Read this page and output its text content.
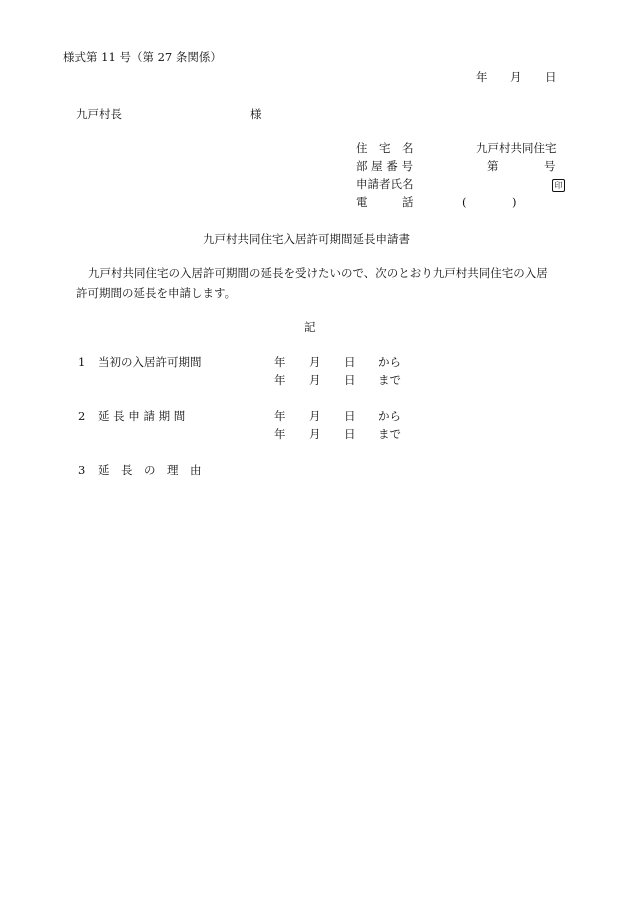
様式第 11 号（第 27 条関係）
年 月 日
九戸村長	様
住　宅　名	九戸村共同住宅
部 屋 番 号	第	号
申請者氏名	印
電　　　話	(	)
九戸村共同住宅入居許可期間延長申請書
九戸村共同住宅の入居許可期間の延長を受けたいので、次のとおり九戸村共同住宅の入居
許可期間の延長を申請します。
記
1 当初の入居許可期間	年 月 日 から
年 月 日 まで
2 延 長 申 請 期 間	年 月 日 から
年 月 日 まで
3 延　長　の　理　由
